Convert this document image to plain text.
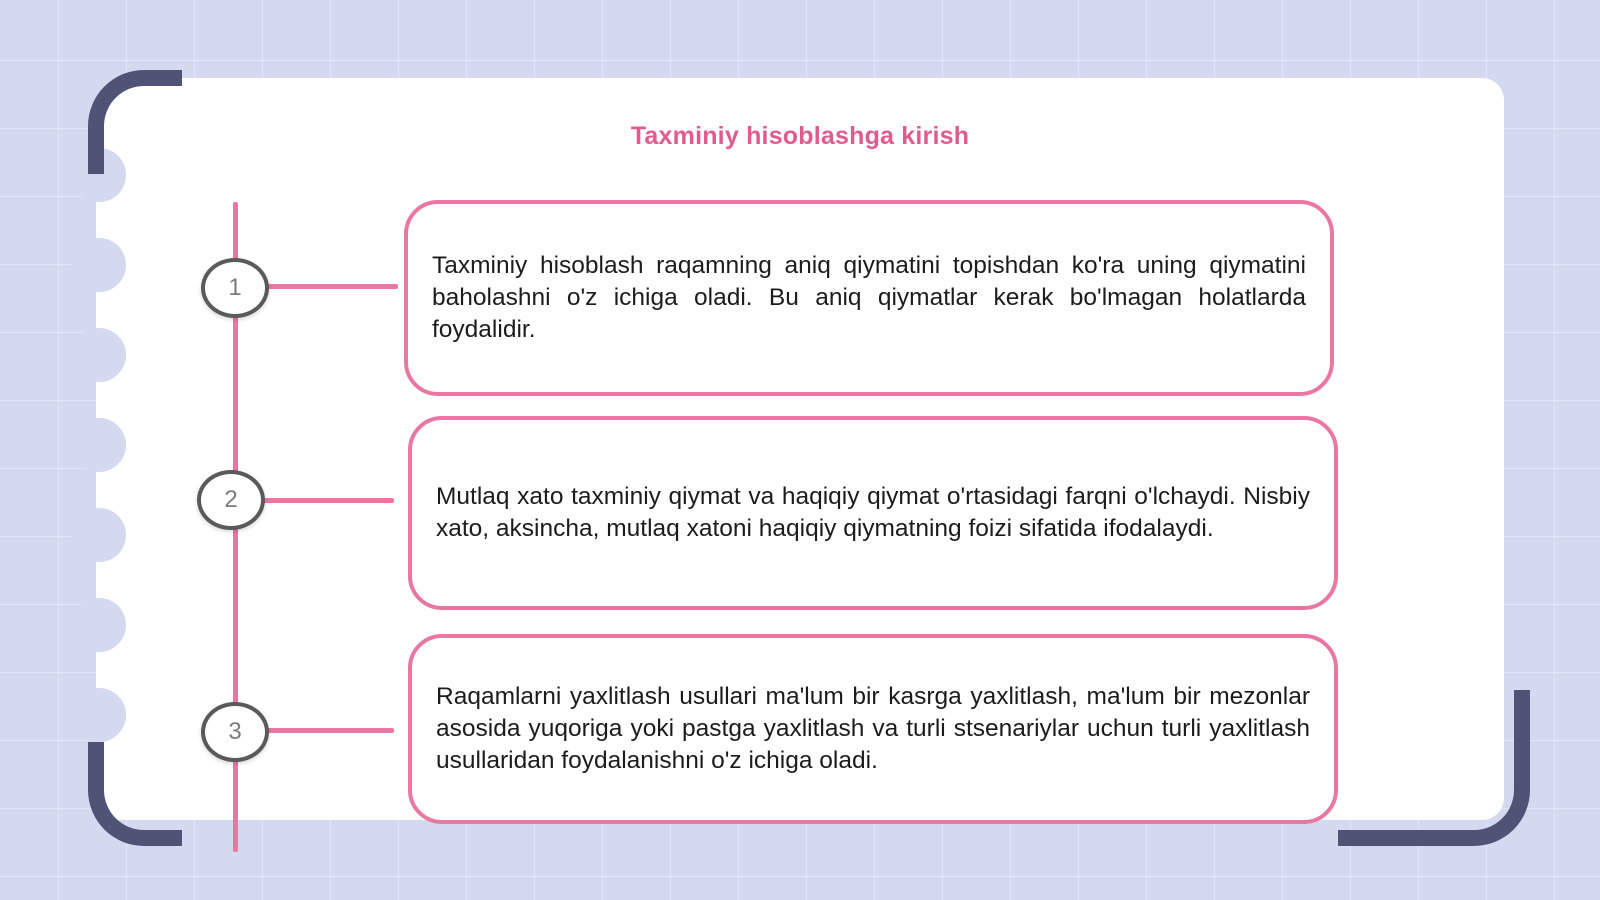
Taxminiy hisoblashga kirish
1

Taxminiy hisoblash raqamning aniq qiymatini topishdan ko'ra uning qiymatini baholashni o'z ichiga oladi. Bu aniq qiymatlar kerak bo'lmagan holatlarda foydalidir.

2	Mutlaq xato taxminiy qiymat va haqiqiy qiymat o'rtasidagi farqni o'lchaydi. Nisbiy xato, aksincha, mutlaq xatoni haqiqiy qiymatning foizi sifatida ifodalaydi.

3

Raqamlarni yaxlitlash usullari ma'lum bir kasrga yaxlitlash, ma'lum bir mezonlar asosida yuqoriga yoki pastga yaxlitlash va turli stsenariylar uchun turli yaxlitlash usullaridan foydalanishni o'z ichiga oladi.
